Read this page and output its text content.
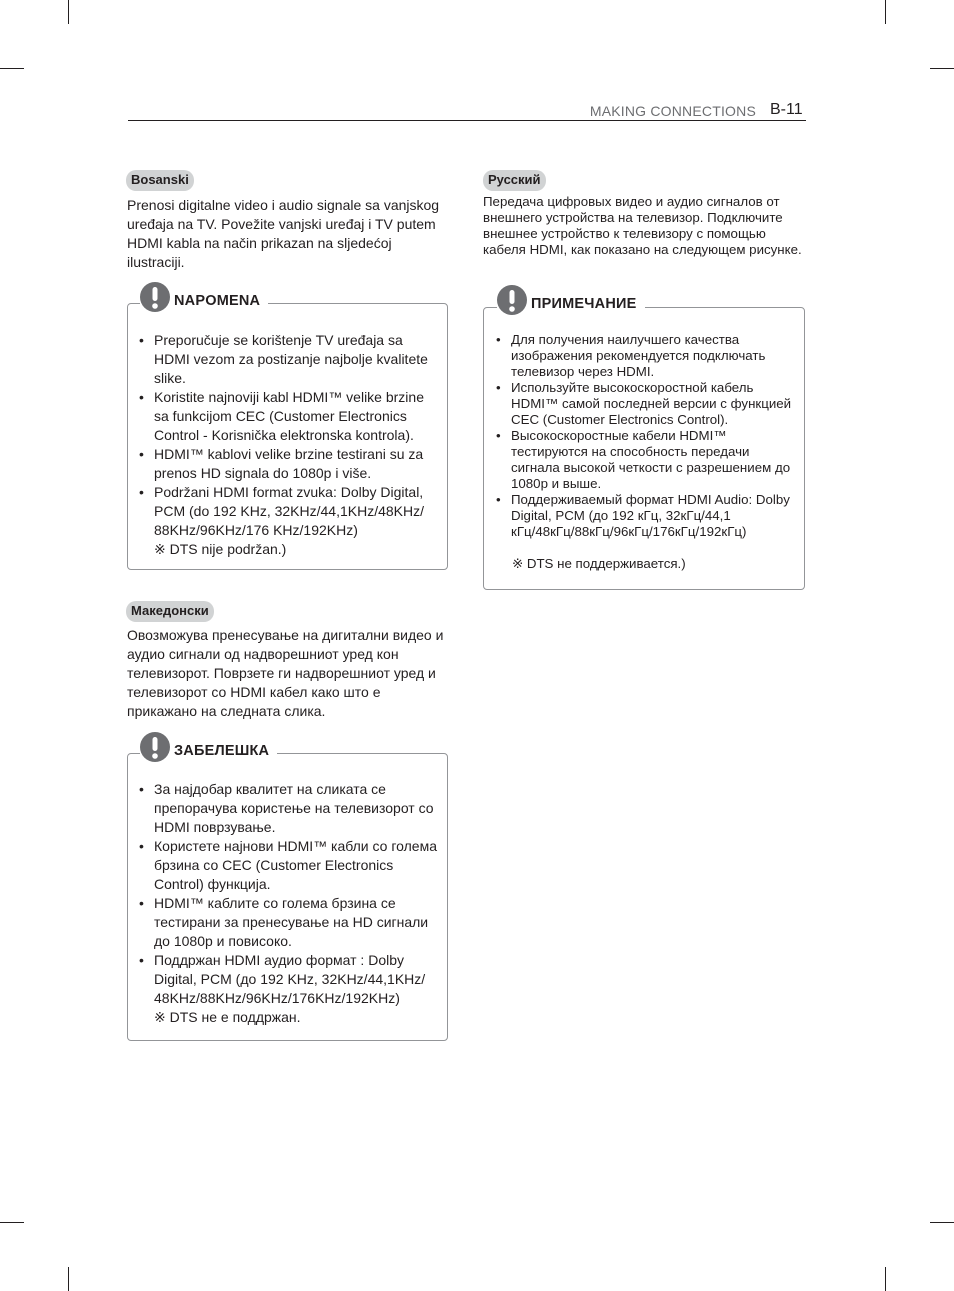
MAKING CONNECTIONS B-11
Bosanski
Prenosi digitalne video i audio signale sa vanjskog uređaja na TV. Povežite vanjski uređaj i TV putem HDMI kabla na način prikazan na sljedećoj ilustraciji.
NAPOMENA
• Preporučuje se korištenje TV uređaja sa HDMI vezom za postizanje najbolje kvalitete slike.
• Koristite najnoviji kabl HDMI™ velike brzine sa funkcijom CEC (Customer Electronics Control - Korisnička elektronska kontrola).
• HDMI™ kablovi velike brzine testirani su za prenos HD signala do 1080p i više.
• Podržani HDMI format zvuka: Dolby Digital, PCM (do 192 KHz, 32KHz/44,1KHz/48KHz/ 88KHz/96KHz/176 KHz/192KHz)
※ DTS nije podržan.)
Македонски
Овозможува пренесување на дигитални видео и аудио сигнали од надворешниот уред кон телевизорот. Поврзете ги надворешниот уред и телевизорот со HDMI кабел како што е прикажано на следната слика.
ЗАБЕЛЕШКА
• За најдобар квалитет на сликата се препорачува користење на телевизорот со HDMI поврзување.
• Користете најнови HDMI™ кабли со голема брзина со CEC (Customer Electronics Control) функција.
• HDMI™ каблите со голема брзина се тестирани за пренесување на HD сигнали до 1080p и повисоко.
• Поддржан HDMI аудио формат : Dolby Digital, PCM (до 192 KHz, 32KHz/44,1KHz/ 48KHz/88KHz/96KHz/176KHz/192KHz)
※ DTS не е поддржан.
Русский
Передача цифровых видео и аудио сигналов от внешнего устройства на телевизор. Подключите внешнее устройство к телевизору с помощью кабеля HDMI, как показано на следующем рисунке.
ПРИМЕЧАНИЕ
• Для получения наилучшего качества изображения рекомендуется подключать телевизор через HDMI.
• Используйте высокоскоростной кабель HDMI™ самой последней версии с функцией CEC (Customer Electronics Control).
• Высокоскоростные кабели HDMI™ тестируются на способность передачи сигнала высокой четкости с разрешением до 1080p и выше.
• Поддерживаемый формат HDMI Audio: Dolby Digital, PCM (до 192 кГц, 32кГц/44,1 кГц/48кГц/88кГц/96кГц/176кГц/192кГц)
※ DTS не поддерживается.)
